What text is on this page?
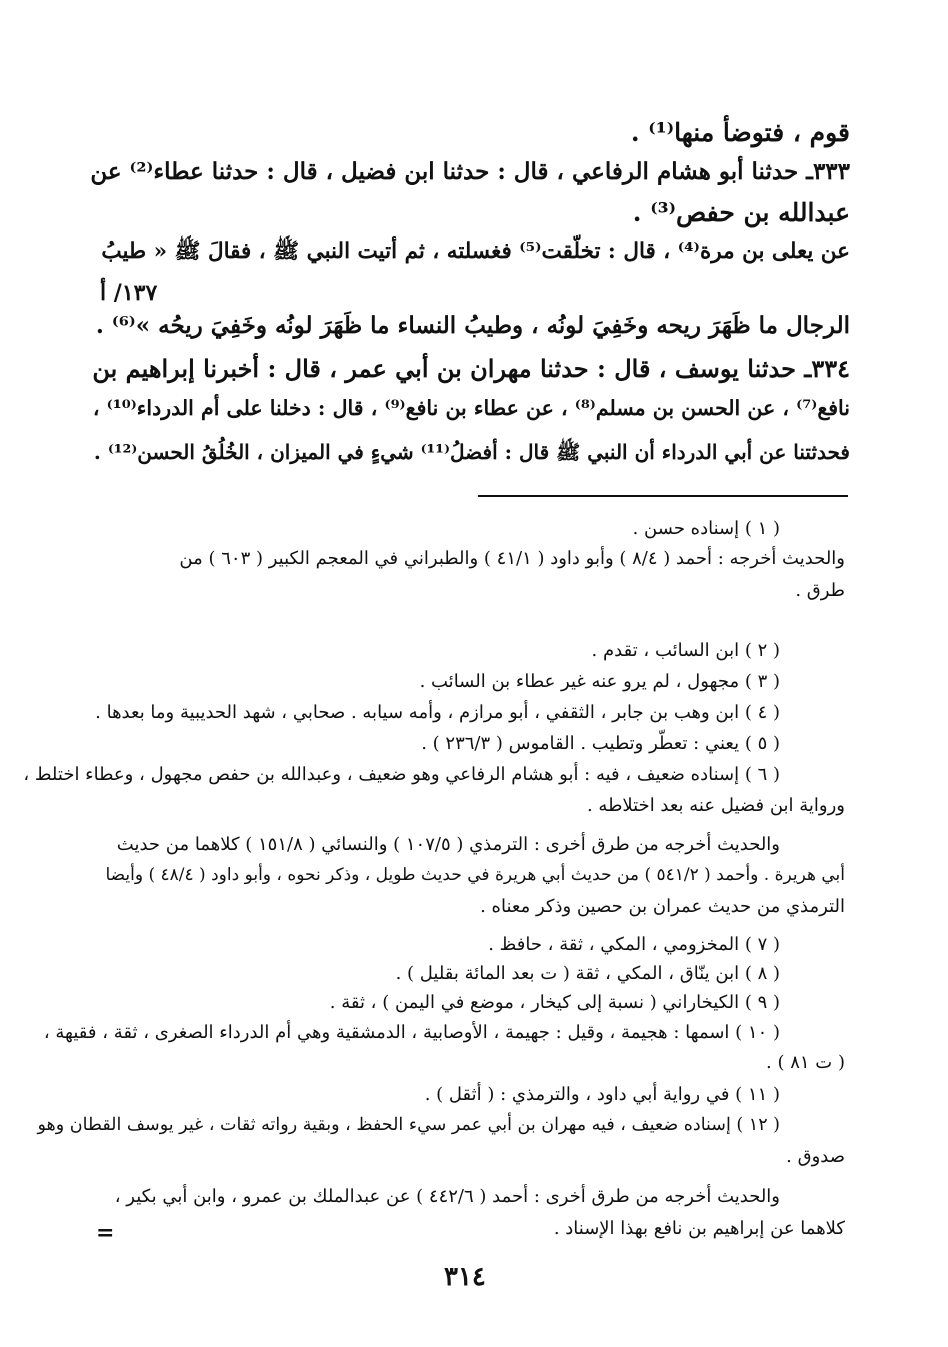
قوم ، فتوضأ منها⁽¹⁾ .
٣٣٣ـ حدثنا أبو هشام الرفاعي ، قال : حدثنا ابن فضيل ، قال : حدثنا عطاء⁽²⁾ عن
عبدالله بن حفص⁽³⁾ .
عن يعلى بن مرة⁽⁴⁾ ، قال : تخلّقت⁽⁵⁾ فغسلته ، ثم أتيت النبي ﷺ ، فقالَ ﷺ « طيبُ
١٣٧/ أ
الرجال ما ظَهَرَ ريحه وخَفِيَ لونُه ، وطيبُ النساء ما ظَهَرَ لونُه وخَفِيَ ريحُه »⁽⁶⁾ .
٣٣٤ـ حدثنا يوسف ، قال : حدثنا مهران بن أبي عمر ، قال : أخبرنا إبراهيم بن
نافع⁽⁷⁾ ، عن الحسن بن مسلم⁽⁸⁾ ، عن عطاء بن نافع⁽⁹⁾ ، قال : دخلنا على أم الدرداء⁽¹⁰⁾ ،
فحدثتنا عن أبي الدرداء أن النبي ﷺ قال : أفضلُ⁽¹¹⁾ شيءٍ في الميزان ، الخُلُقُ الحسن⁽¹²⁾ .
( ١ ) إسناده حسن .
والحديث أخرجه : أحمد ( ٨/٤ ) وأبو داود ( ٤١/١ ) والطبراني في المعجم الكبير ( ٦٠٣ ) من
طرق .
( ٢ ) ابن السائب ، تقدم .
( ٣ ) مجهول ، لم يرو عنه غير عطاء بن السائب .
( ٤ ) ابن وهب بن جابر ، الثقفي ، أبو مرازم ، وأمه سيابه . صحابي ، شهد الحديبية وما بعدها .
( ٥ ) يعني : تعطّر وتطيب . القاموس ( ٢٣٦/٣ ) .
( ٦ ) إسناده ضعيف ، فيه : أبو هشام الرفاعي وهو ضعيف ، وعبدالله بن حفص مجهول ، وعطاء اختلط ،
ورواية ابن فضيل عنه بعد اختلاطه .
والحديث أخرجه من طرق أخرى : الترمذي ( ١٠٧/٥ ) والنسائي ( ١٥١/٨ ) كلاهما من حديث
أبي هريرة . وأحمد ( ٥٤١/٢ ) من حديث أبي هريرة في حديث طويل ، وذكر نحوه ، وأبو داود ( ٤٨/٤ ) وأيضا
الترمذي من حديث عمران بن حصين وذكر معناه .
( ٧ ) المخزومي ، المكي ، ثقة ، حافظ .
( ٨ ) ابن ينّاق ، المكي ، ثقة ( ت بعد المائة بقليل ) .
( ٩ ) الكيخاراني ( نسبة إلى كيخار ، موضع في اليمن ) ، ثقة .
( ١٠ ) اسمها : هجيمة ، وقيل : جهيمة ، الأوصابية ، الدمشقية وهي أم الدرداء الصغرى ، ثقة ، فقيهة ،
( ت ٨١ ) .
( ١١ ) في رواية أبي داود ، والترمذي : ( أثقل ) .
( ١٢ ) إسناده ضعيف ، فيه مهران بن أبي عمر سيء الحفظ ، وبقية رواته ثقات ، غير يوسف القطان وهو
صدوق .
والحديث أخرجه من طرق أخرى : أحمد ( ٤٤٢/٦ ) عن عبدالملك بن عمرو ، وابن أبي بكير ،
كلاهما عن إبراهيم بن نافع بهذا الإسناد .
=
٣١٤
